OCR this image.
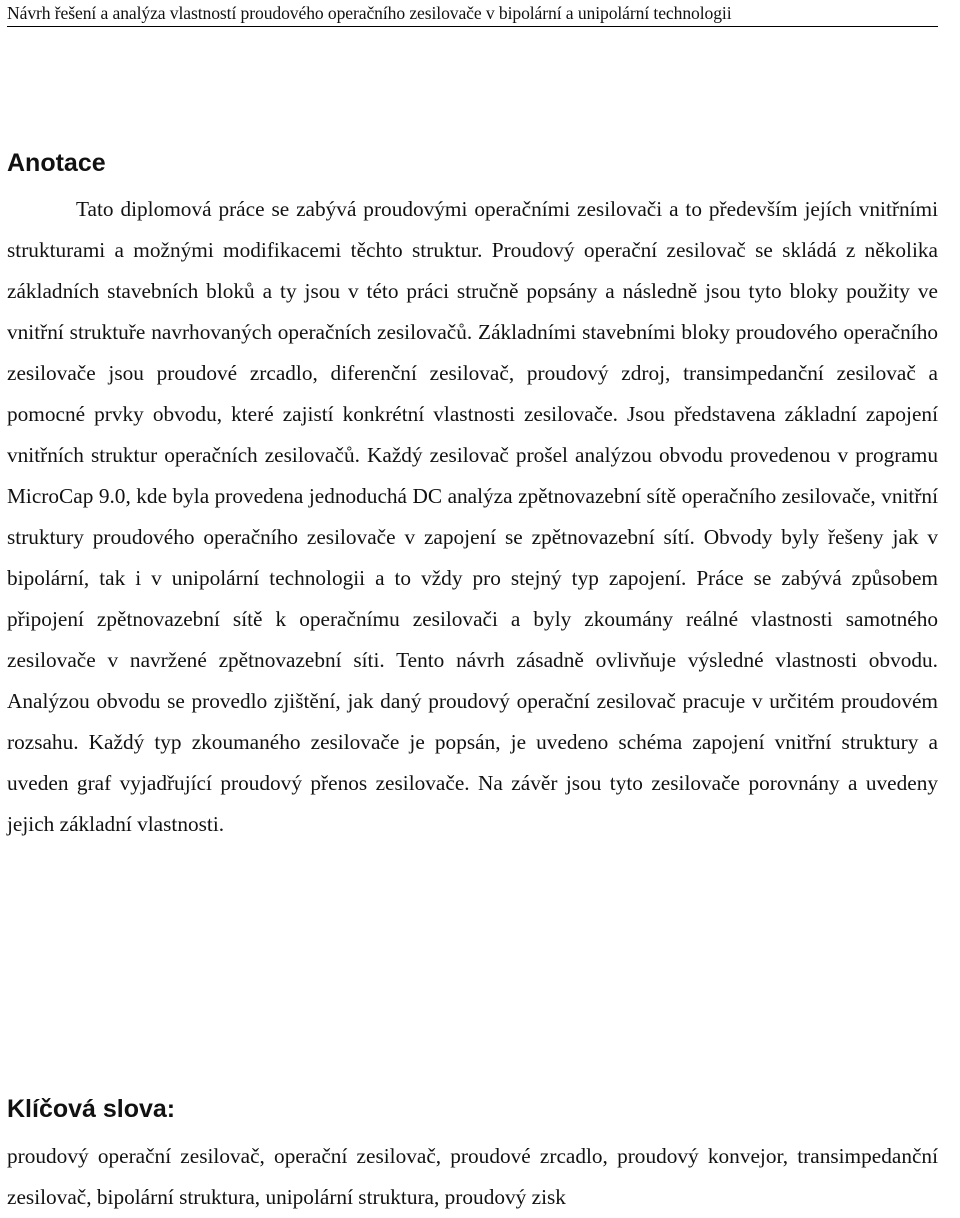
Návrh řešení a analýza vlastností proudového operačního zesilovače v bipolární a unipolární technologii

Anotace

Tato diplomová práce se zabývá proudovými operačními zesilovači a to především jejích vnitřními strukturami a možnými modifikacemi těchto struktur. Proudový operační zesilovač se skládá z několika základních stavebních bloků a ty jsou v této práci stručně popsány a následně jsou tyto bloky použity ve vnitřní struktuře navrhovaných operačních zesilovačů. Základními stavebními bloky proudového operačního zesilovače jsou proudové zrcadlo, diferenční zesilovač, proudový zdroj, transimpedanční zesilovač a pomocné prvky obvodu, které zajistí konkrétní vlastnosti zesilovače. Jsou představena základní zapojení vnitřních struktur operačních zesilovačů. Každý zesilovač prošel analýzou obvodu provedenou v programu MicroCap 9.0, kde byla provedena jednoduchá DC analýza zpětnovazební sítě operačního zesilovače, vnitřní struktury proudového operačního zesilovače v zapojení se zpětnovazební sítí. Obvody byly řešeny jak v bipolární, tak i v unipolární technologii a to vždy pro stejný typ zapojení. Práce se zabývá způsobem připojení zpětnovazební sítě k operačnímu zesilovači a byly zkoumány reálné vlastnosti samotného zesilovače v navržené zpětnovazební síti. Tento návrh zásadně ovlivňuje výsledné vlastnosti obvodu. Analýzou obvodu se provedlo zjištění, jak daný proudový operační zesilovač pracuje v určitém proudovém rozsahu. Každý typ zkoumaného zesilovače je popsán, je uvedeno schéma zapojení vnitřní struktury a uveden graf vyjadřující proudový přenos zesilovače. Na závěr jsou tyto zesilovače porovnány a uvedeny jejich základní vlastnosti.

Klíčová slova:

proudový operační zesilovač, operační zesilovač, proudové zrcadlo, proudový konvejor, transimpedanční zesilovač, bipolární struktura, unipolární struktura, proudový zisk
